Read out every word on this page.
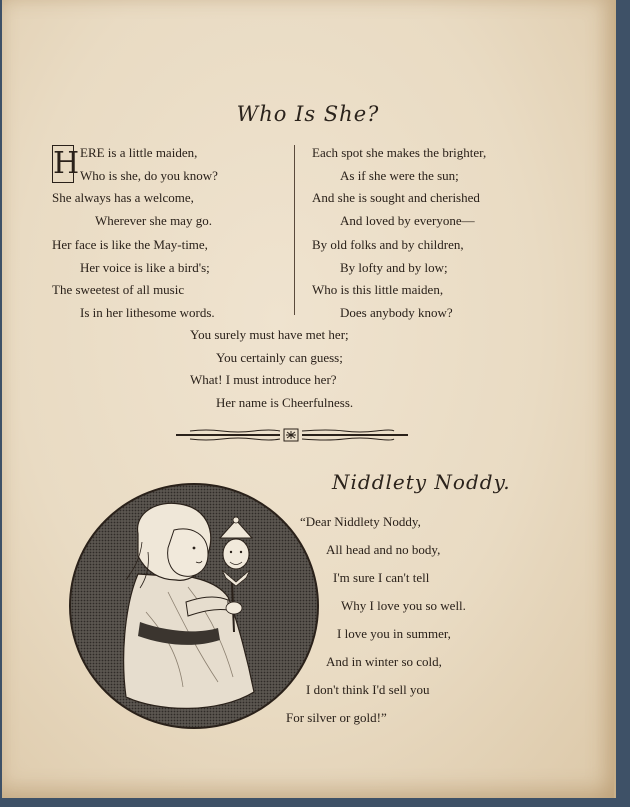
Who Is She?
H ERE is a little maiden,
Who is she, do you know?
She always has a welcome,
Wherever she may go.
Her face is like the May-time,
Her voice is like a bird's;
The sweetest of all music
Is in her lithesome words.
Each spot she makes the brighter,
As if she were the sun;
And she is sought and cherished
And loved by everyone—
By old folks and by children,
By lofty and by low;
Who is this little maiden,
Does anybody know?
You surely must have met her;
You certainly can guess;
What! I must introduce her?
Her name is Cheerfulness.
Niddlety Noddy.
“Dear Niddlety Noddy,
All head and no body,
I'm sure I can't tell
Why I love you so well.
I love you in summer,
And in winter so cold,
I don't think I'd sell you
For silver or gold!”
